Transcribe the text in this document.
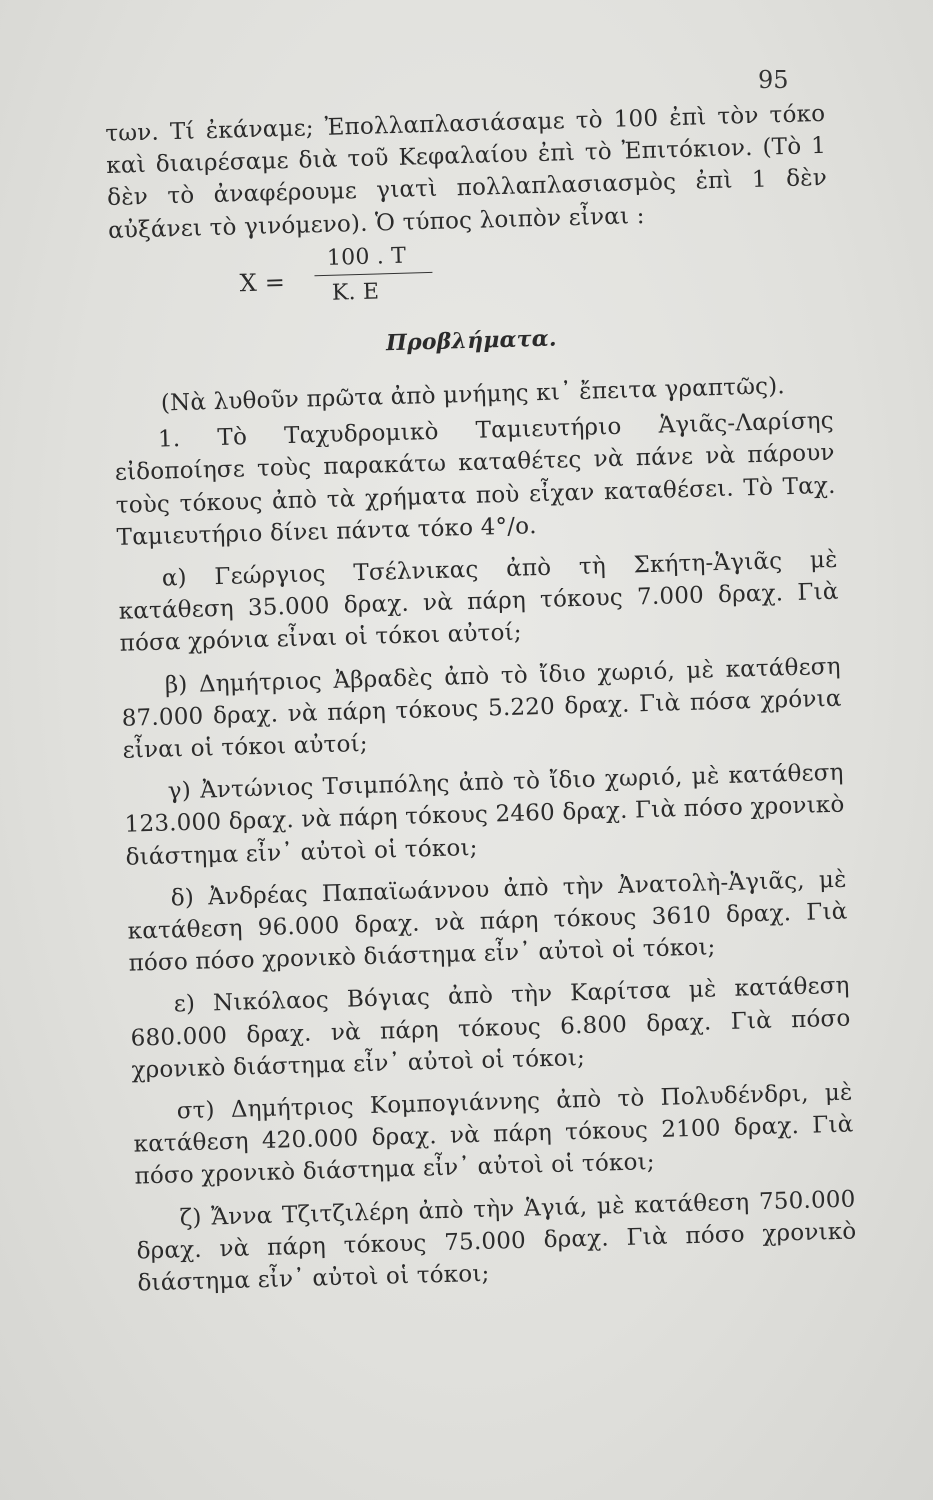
95

των. Τί ἐκάναμε; Ἐπολλαπλασιάσαμε τὸ 100 ἐπὶ τὸν τόκο καὶ διαιρέσαμε διὰ τοῦ Κεφαλαίου ἐπὶ τὸ Ἐπιτόκιον. (Τὸ 1 δὲν τὸ ἀναφέρουμε γιατὶ πολλαπλασιασμὸς ἐπὶ 1 δὲν αὐξάνει τὸ γινόμενο). Ὁ τύπος λοιπὸν εἶναι :

X =
100 . T
K. E
Προβλήματα.

(Νὰ λυθοῦν πρῶτα ἀπὸ μνήμης κι᾽ ἔπειτα γραπτῶς).

1. Τὸ Ταχυδρομικὸ Ταμιευτήριο Ἁγιᾶς-Λαρίσης εἰδοποίησε τοὺς παρακάτω καταθέτες νὰ πάνε νὰ πάρουν τοὺς τόκους ἀπὸ τὰ χρήματα ποὺ εἶχαν καταθέσει. Τὸ Ταχ. Ταμιευτήριο δίνει πάντα τόκο 4°/ο.

α) Γεώργιος Τσέλνικας ἀπὸ τὴ Σκήτη-Ἁγιᾶς μὲ κατάθεση 35.000 δραχ. νὰ πάρη τόκους 7.000 δραχ. Γιὰ πόσα χρόνια εἶναι οἱ τόκοι αὐτοί;

β) Δημήτριος Ἀβραδὲς ἀπὸ τὸ ἴδιο χωριό, μὲ κατάθεση 87.000 δραχ. νὰ πάρη τόκους 5.220 δραχ. Γιὰ πόσα χρόνια εἶναι οἱ τόκοι αὐτοί;

γ) Ἀντώνιος Τσιμπόλης ἀπὸ τὸ ἴδιο χωριό, μὲ κατάθεση 123.000 δραχ. νὰ πάρη τόκους 2460 δραχ. Γιὰ πόσο χρονικὸ διάστημα εἶν᾽ αὐτοὶ οἱ τόκοι;

δ) Ἀνδρέας Παπαϊωάννου ἀπὸ τὴν Ἀνατολὴ-Ἁγιᾶς, μὲ κατάθεση 96.000 δραχ. νὰ πάρη τόκους 3610 δραχ. Γιὰ πόσο πόσο χρονικὸ διάστημα εἶν᾽ αὐτοὶ οἱ τόκοι;

ε) Νικόλαος Βόγιας ἀπὸ τὴν Καρίτσα μὲ κατάθεση 680.000 δραχ. νὰ πάρη τόκους 6.800 δραχ. Γιὰ πόσο χρονικὸ διάστημα εἶν᾽ αὐτοὶ οἱ τόκοι;

στ) Δημήτριος Κομπογιάννης ἀπὸ τὸ Πολυδένδρι, μὲ κατάθεση 420.000 δραχ. νὰ πάρη τόκους 2100 δραχ. Γιὰ πόσο χρονικὸ διάστημα εἶν᾽ αὐτοὶ οἱ τόκοι;

ζ) Ἄννα Τζιτζιλέρη ἀπὸ τὴν Ἁγιά, μὲ κατάθεση 750.000 δραχ. νὰ πάρη τόκους 75.000 δραχ. Γιὰ πόσο χρονικὸ διάστημα εἶν᾽ αὐτοὶ οἱ τόκοι;
